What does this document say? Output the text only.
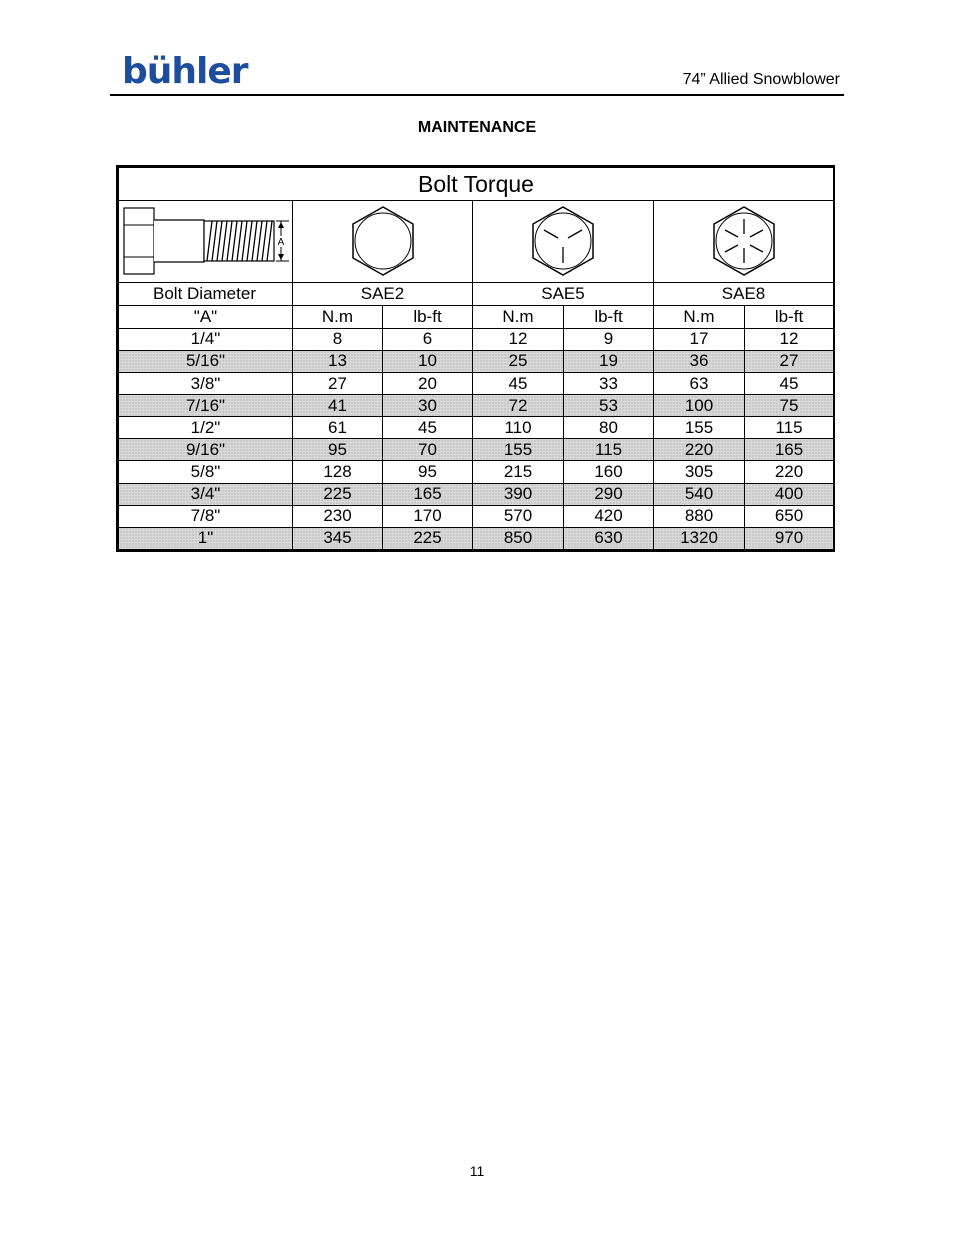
bühler	74” Allied Snowblower
MAINTENANCE
Bolt Torque						

A

Bolt Diameter	SAE2		SAE5		SAE8	
"A"	N.m	lb-ft	N.m	lb-ft	N.m	lb-ft
1/4"	8	6	12	9	17	12
5/16"	13	10	25	19	36	27
3/8"	27	20	45	33	63	45
7/16"	41	30	72	53	100	75
1/2"	61	45	110	80	155	115
9/16"	95	70	155	115	220	165
5/8"	128	95	215	160	305	220
3/4"	225	165	390	290	540	400
7/8"	230	170	570	420	880	650
1"	345	225	850	630	1320	970
11
